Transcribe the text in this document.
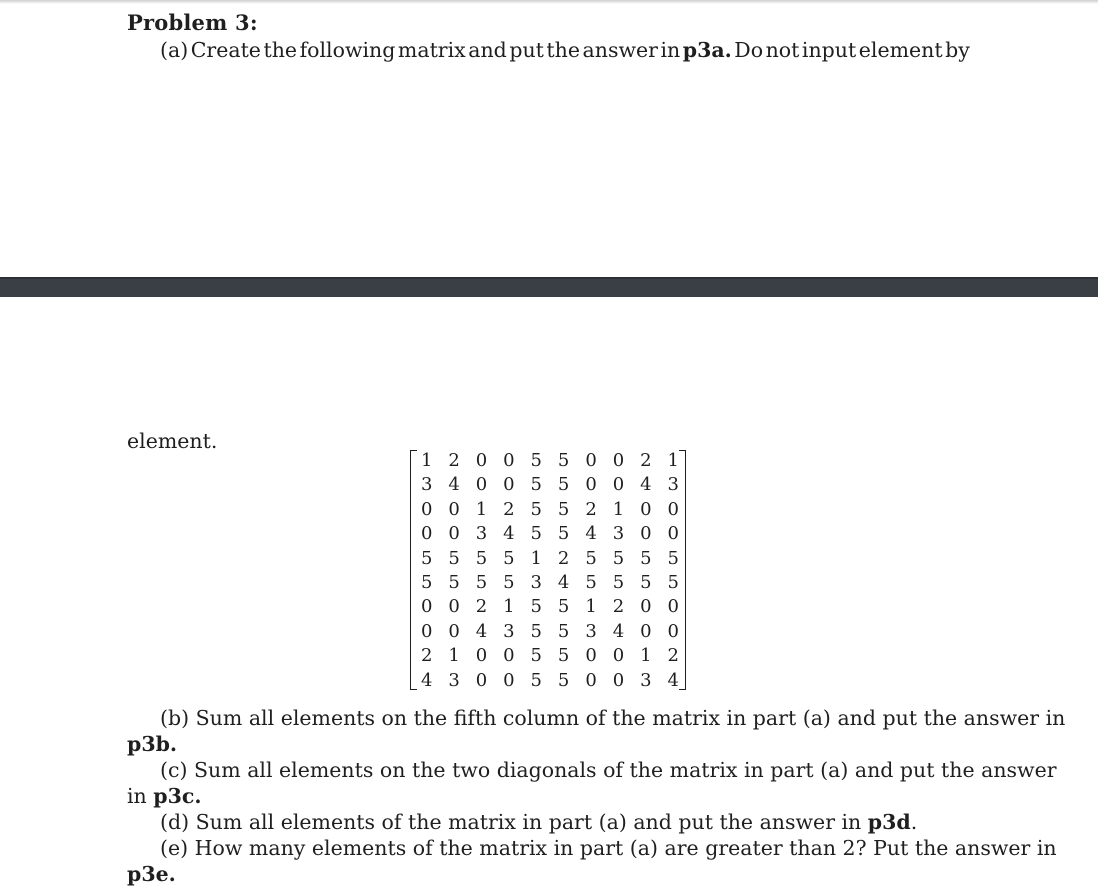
Problem 3:
(a) Create the following matrix and put the answer in p3a. Do not input element by
element.
1 2 0 0 5 5 0 0 2 1
3 4 0 0 5 5 0 0 4 3
0 0 1 2 5 5 2 1 0 0
0 0 3 4 5 5 4 3 0 0
5 5 5 5 1 2 5 5 5 5
5 5 5 5 3 4 5 5 5 5
0 0 2 1 5 5 1 2 0 0
0 0 4 3 5 5 3 4 0 0
2 1 0 0 5 5 0 0 1 2
4 3 0 0 5 5 0 0 3 4
(b) Sum all elements on the fifth column of the matrix in part (a) and put the answer in
p3b.
(c) Sum all elements on the two diagonals of the matrix in part (a) and put the answer
in p3c.
(d) Sum all elements of the matrix in part (a) and put the answer in p3d.
(e) How many elements of the matrix in part (a) are greater than 2? Put the answer in
p3e.
